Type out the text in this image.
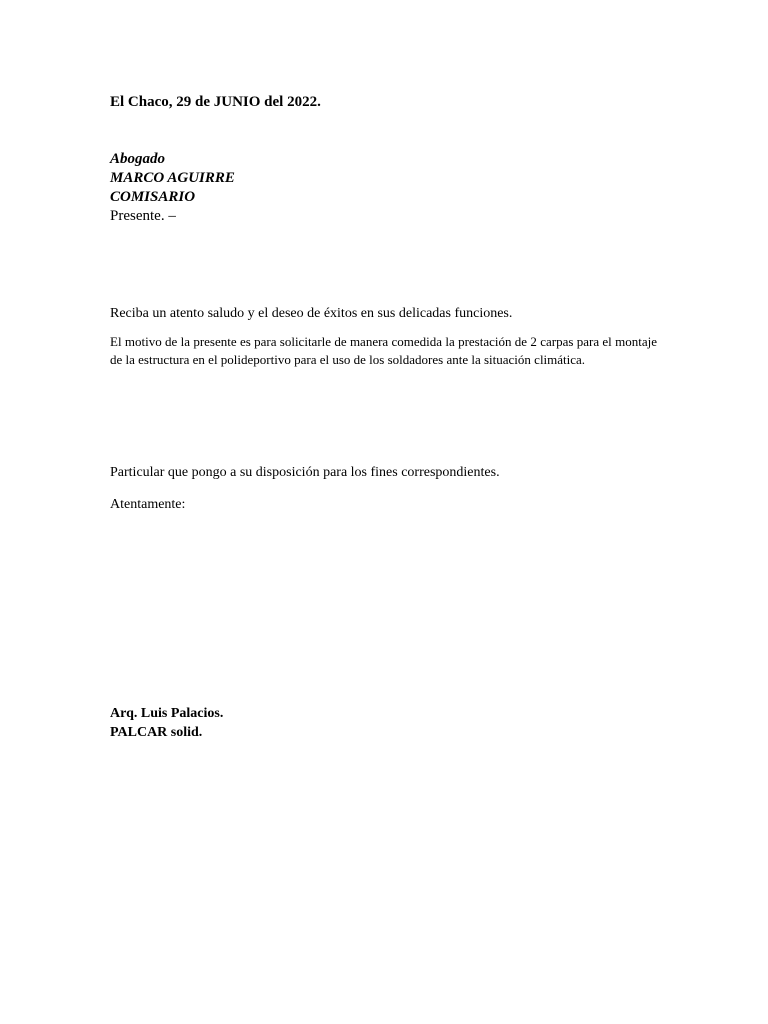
El Chaco, 29 de JUNIO del 2022.
Abogado
MARCO AGUIRRE
COMISARIO
Presente. –
Reciba un atento saludo y el deseo de éxitos en sus delicadas funciones.
El motivo de la presente es para solicitarle de manera comedida la prestación de 2 carpas para el montaje de la estructura en el polideportivo para el uso de los soldadores ante la situación climática.
Particular que pongo a su disposición para los fines correspondientes.
Atentamente:
Arq. Luis Palacios.
PALCAR solid.
